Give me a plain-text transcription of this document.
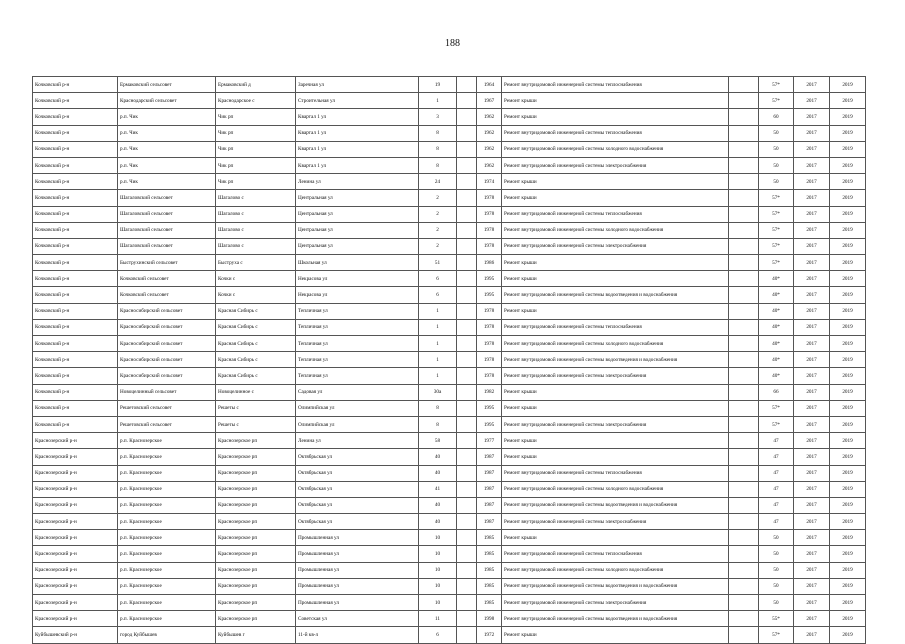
188
Кочковский р-н	Ермаковский сельсовет	Ермаковский д	Заречная ул	19		1964	Ремонт внутридомовой инженерной системы теплоснабжения		57*	2017	2019
Кочковский р-н	Краснодарский сельсовет	Краснодарское с	Строительная ул	1		1967	Ремонт крыши		57*	2017	2019
Кочковский р-н	р.п. Чик	Чик рп	Квартал 1 ул	3		1962	Ремонт крыши		60	2017	2019
Кочковский р-н	р.п. Чик	Чик рп	Квартал 1 ул	8		1962	Ремонт внутридомовой инженерной системы теплоснабжения		50	2017	2019
Кочковский р-н	р.п. Чик	Чик рп	Квартал 1 ул	8		1962	Ремонт внутридомовой инженерной системы холодного водоснабжения		50	2017	2019
Кочковский р-н	р.п. Чик	Чик рп	Квартал 1 ул	8		1962	Ремонт внутридомовой инженерной системы электроснабжения		50	2017	2019
Кочковский р-н	р.п. Чик	Чик рп	Ленина ул	24		1974	Ремонт крыши		50	2017	2019
Кочковский р-н	Шагаловский сельсовет	Шагалово с	Центральная ул	2		1978	Ремонт крыши		57*	2017	2019
Кочковский р-н	Шагаловский сельсовет	Шагалово с	Центральная ул	2		1978	Ремонт внутридомовой инженерной системы теплоснабжения		57*	2017	2019
Кочковский р-н	Шагаловский сельсовет	Шагалово с	Центральная ул	2		1978	Ремонт внутридомовой инженерной системы холодного водоснабжения		57*	2017	2019
Кочковский р-н	Шагаловский сельсовет	Шагалово с	Центральная ул	2		1978	Ремонт внутридомовой инженерной системы электроснабжения		57*	2017	2019
Кочковский р-н	Быструхинский сельсовет	Быструха с	Школьная ул	51		1986	Ремонт крыши		57*	2017	2019
Кочковский р-н	Кочковский сельсовет	Кочки с	Некрасова ул	6		1995	Ремонт крыши		40*	2017	2019
Кочковский р-н	Кочковский сельсовет	Кочки с	Некрасова ул	6		1995	Ремонт внутридомовой инженерной системы водоотведения и водоснабжения		40*	2017	2019
Кочковский р-н	Красносибирский сельсовет	Красная Сибирь с	Тепличная ул	1		1978	Ремонт крыши		40*	2017	2019
Кочковский р-н	Красносибирский сельсовет	Красная Сибирь с	Тепличная ул	1		1978	Ремонт внутридомовой инженерной системы теплоснабжения		40*	2017	2019
Кочковский р-н	Красносибирский сельсовет	Красная Сибирь с	Тепличная ул	1		1978	Ремонт внутридомовой инженерной системы холодного водоснабжения		40*	2017	2019
Кочковский р-н	Красносибирский сельсовет	Красная Сибирь с	Тепличная ул	1		1978	Ремонт внутридомовой инженерной системы водоотведения и водоснабжения		40*	2017	2019
Кочковский р-н	Красносибирский сельсовет	Красная Сибирь с	Тепличная ул	1		1978	Ремонт внутридомовой инженерной системы электроснабжения		40*	2017	2019
Кочковский р-н	Новоцелинный сельсовет	Новоцелинное с	Садовая ул	30а		1982	Ремонт крыши		66	2017	2019
Кочковский р-н	Решетовский сельсовет	Решеты с	Олимпийская ул	8		1995	Ремонт крыши		57*	2017	2019
Кочковский р-н	Решетовский сельсовет	Решеты с	Олимпийская ул	8		1995	Ремонт внутридомовой инженерной системы электроснабжения		57*	2017	2019
Краснозерский р-н	р.п. Краснозерское	Краснозерское рп	Ленина ул	58		1977	Ремонт крыши		47	2017	2019
Краснозерский р-н	р.п. Краснозерское	Краснозерское рп	Октябрьская ул	40		1987	Ремонт крыши		47	2017	2019
Краснозерский р-н	р.п. Краснозерское	Краснозерское рп	Октябрьская ул	40		1987	Ремонт внутридомовой инженерной системы теплоснабжения		47	2017	2019
Краснозерский р-н	р.п. Краснозерское	Краснозерское рп	Октябрьская ул	41		1987	Ремонт внутридомовой инженерной системы холодного водоснабжения		47	2017	2019
Краснозерский р-н	р.п. Краснозерское	Краснозерское рп	Октябрьская ул	40		1987	Ремонт внутридомовой инженерной системы водоотведения и водоснабжения		47	2017	2019
Краснозерский р-н	р.п. Краснозерское	Краснозерское рп	Октябрьская ул	40		1987	Ремонт внутридомовой инженерной системы электроснабжения		47	2017	2019
Краснозерский р-н	р.п. Краснозерское	Краснозерское рп	Промышленная ул	10		1985	Ремонт крыши		50	2017	2019
Краснозерский р-н	р.п. Краснозерское	Краснозерское рп	Промышленная ул	10		1985	Ремонт внутридомовой инженерной системы теплоснабжения		50	2017	2019
Краснозерский р-н	р.п. Краснозерское	Краснозерское рп	Промышленная ул	10		1985	Ремонт внутридомовой инженерной системы холодного водоснабжения		50	2017	2019
Краснозерский р-н	р.п. Краснозерское	Краснозерское рп	Промышленная ул	10		1985	Ремонт внутридомовой инженерной системы водоотведения и водоснабжения		50	2017	2019
Краснозерский р-н	р.п. Краснозерское	Краснозерское рп	Промышленная ул	10		1985	Ремонт внутридомовой инженерной системы электроснабжения		50	2017	2019
Краснозерский р-н	р.п. Краснозерское	Краснозерское рп	Советская ул	11		1998	Ремонт внутридомовой инженерной системы водоотведения и водоснабжения		55*	2017	2019
Куйбышевский р-н	город Куйбышев	Куйбышев г	11-й кв-л	6		1972	Ремонт крыши		57*	2017	2019
